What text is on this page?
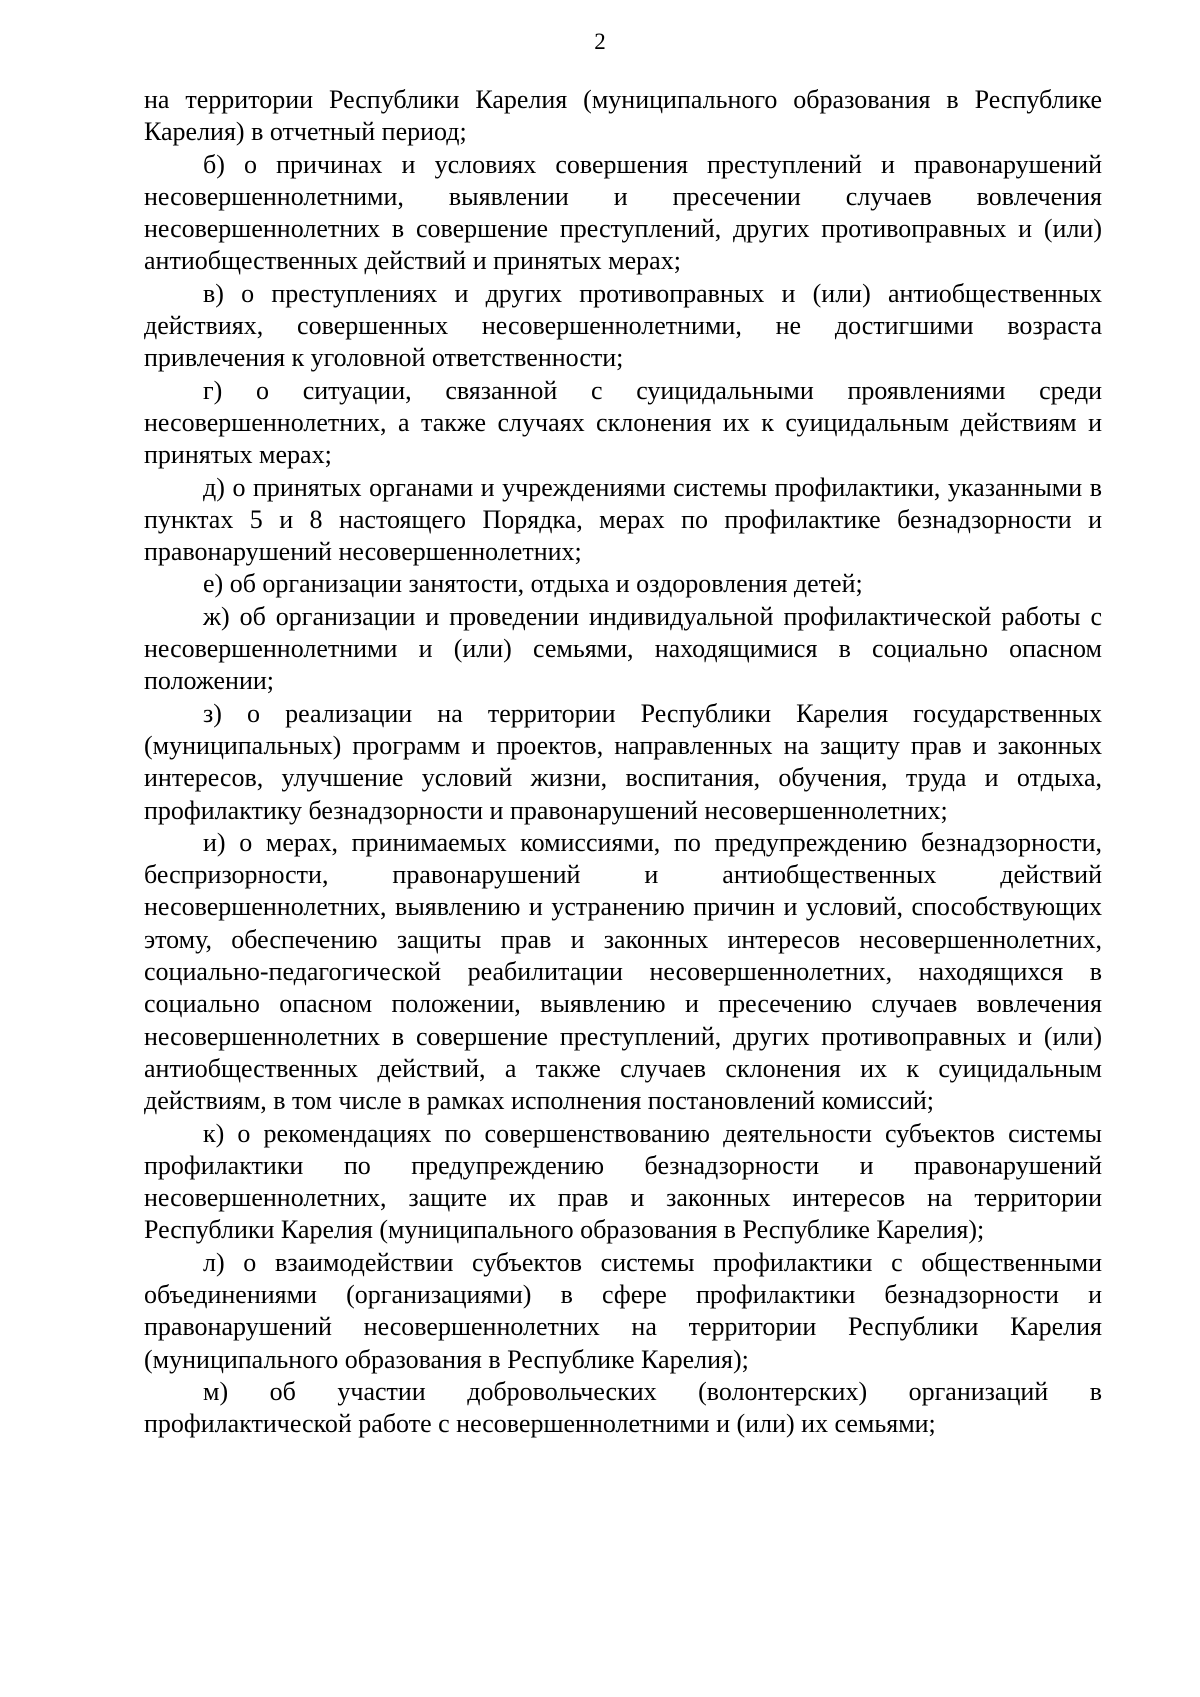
2

на территории Республики Карелия (муниципального образования в Республике Карелия) в отчетный период;

б) о причинах и условиях совершения преступлений и правонарушений несовершеннолетними, выявлении и пресечении случаев вовлечения несовершеннолетних в совершение преступлений, других противоправных и (или) антиобщественных действий и принятых мерах;

в) о преступлениях и других противоправных и (или) антиобщественных действиях, совершенных несовершеннолетними, не достигшими возраста привлечения к уголовной ответственности;

г) о ситуации, связанной с суицидальными проявлениями среди несовершеннолетних, а также случаях склонения их к суицидальным действиям и принятых мерах;

д) о принятых органами и учреждениями системы профилактики, указанными в пунктах 5 и 8 настоящего Порядка, мерах по профилактике безнадзорности и правонарушений несовершеннолетних;

е) об организации занятости, отдыха и оздоровления детей;

ж) об организации и проведении индивидуальной профилактической работы с несовершеннолетними и (или) семьями, находящимися в социально опасном положении;

з) о реализации на территории Республики Карелия государственных (муниципальных) программ и проектов, направленных на защиту прав и законных интересов, улучшение условий жизни, воспитания, обучения, труда и отдыха, профилактику безнадзорности и правонарушений несовершеннолетних;

и) о мерах, принимаемых комиссиями, по предупреждению безнадзорности, беспризорности, правонарушений и антиобщественных действий несовершеннолетних, выявлению и устранению причин и условий, способствующих этому, обеспечению защиты прав и законных интересов несовершеннолетних, социально-педагогической реабилитации несовершеннолетних, находящихся в социально опасном положении, выявлению и пресечению случаев вовлечения несовершеннолетних в совершение преступлений, других противоправных и (или) антиобщественных действий, а также случаев склонения их к суицидальным действиям, в том числе в рамках исполнения постановлений комиссий;

к) о рекомендациях по совершенствованию деятельности субъектов системы профилактики по предупреждению безнадзорности и правонарушений несовершеннолетних, защите их прав и законных интересов на территории Республики Карелия (муниципального образования в Республике Карелия);

л) о взаимодействии субъектов системы профилактики с общественными объединениями (организациями) в сфере профилактики безнадзорности и правонарушений несовершеннолетних на территории Республики Карелия (муниципального образования в Республике Карелия);

м) об участии добровольческих (волонтерских) организаций в профилактической работе с несовершеннолетними и (или) их семьями;
